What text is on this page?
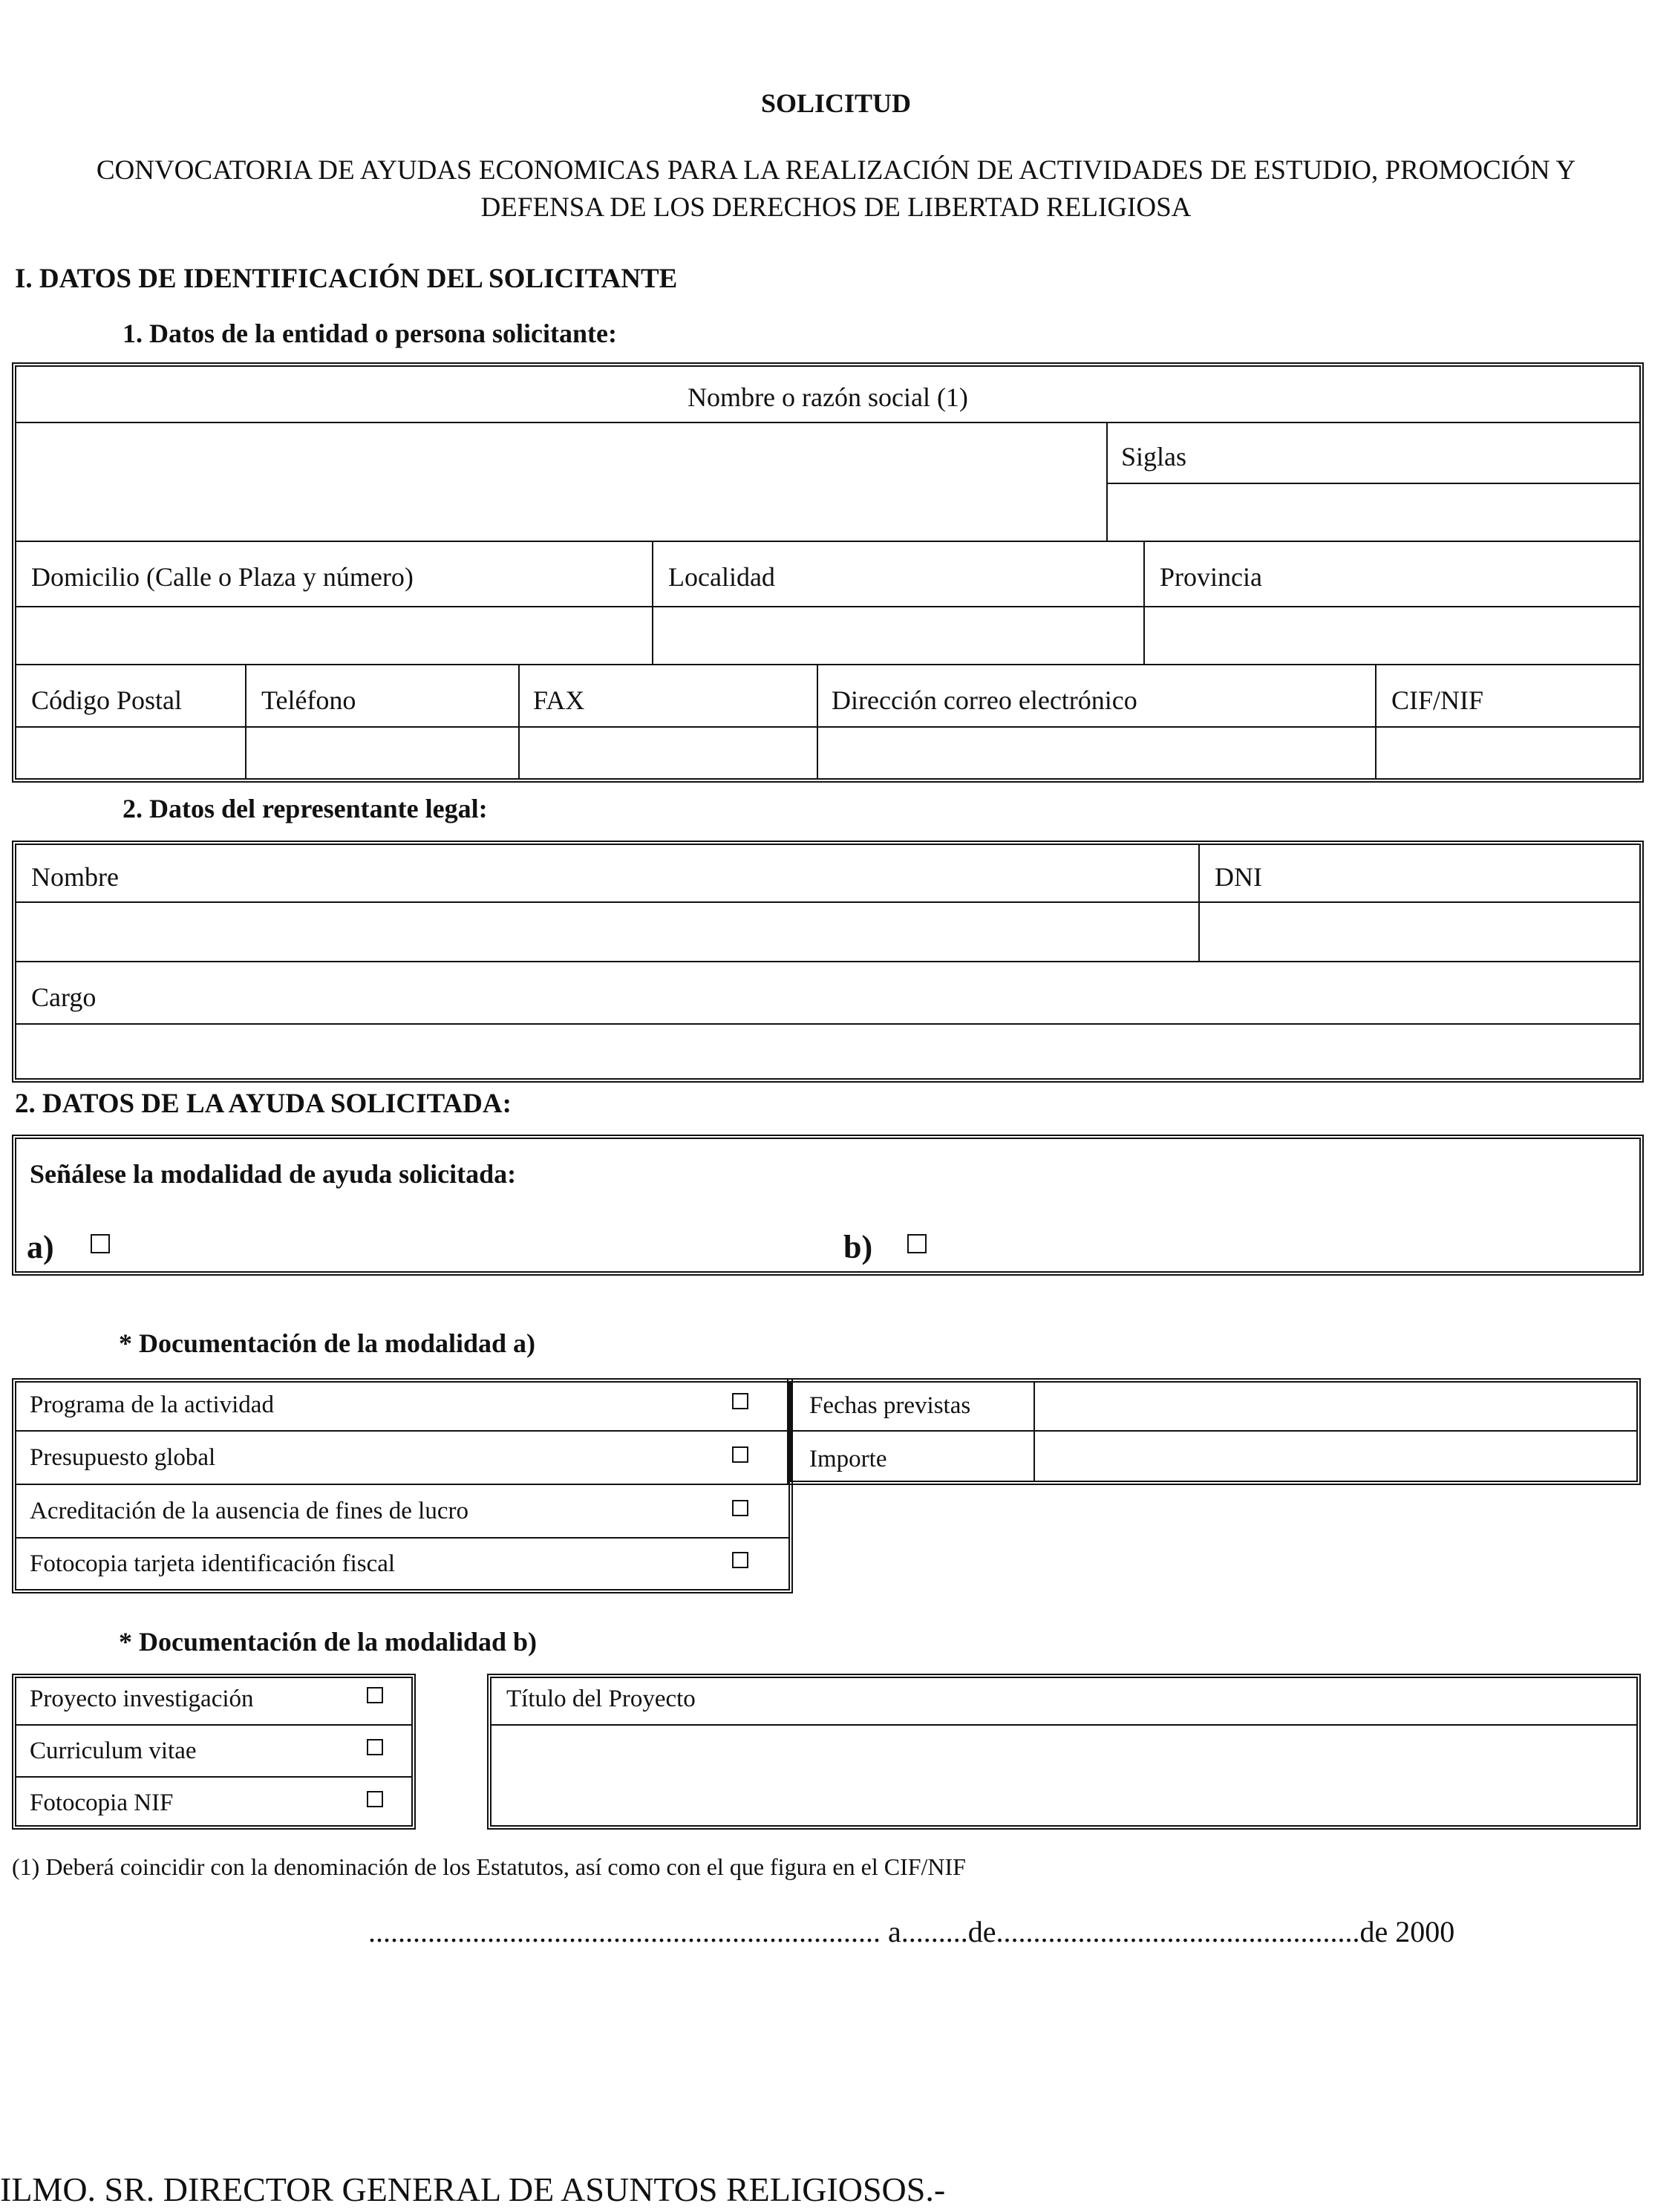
SOLICITUD
CONVOCATORIA DE AYUDAS ECONOMICAS PARA LA REALIZACIÓN DE ACTIVIDADES DE ESTUDIO, PROMOCIÓN Y
DEFENSA DE LOS DERECHOS DE LIBERTAD RELIGIOSA
I. DATOS DE IDENTIFICACIÓN DEL SOLICITANTE
1. Datos de la entidad o persona solicitante:
Nombre o razón social (1)
Siglas
Domicilio (Calle o Plaza y número)	Localidad	Provincia
Código Postal	Teléfono	FAX	Dirección correo electrónico	CIF/NIF
2. Datos del representante legal:
Nombre	DNI
Cargo
2. DATOS DE LA AYUDA SOLICITADA:
Señálese la modalidad de ayuda solicitada:
a)	b)
* Documentación de la modalidad a)
Programa de la actividad
Presupuesto global
Acreditación de la ausencia de fines de lucro
Fotocopia tarjeta identificación fiscal
Fechas previstas
Importe
* Documentación de la modalidad b)
Proyecto investigación
Curriculum vitae
Fotocopia NIF
Título del Proyecto
(1) Deberá coincidir con la denominación de los Estatutos, así como con el que figura en el CIF/NIF
..................................................................... a.........de.................................................de 2000
ILMO. SR. DIRECTOR GENERAL DE ASUNTOS RELIGIOSOS.-
